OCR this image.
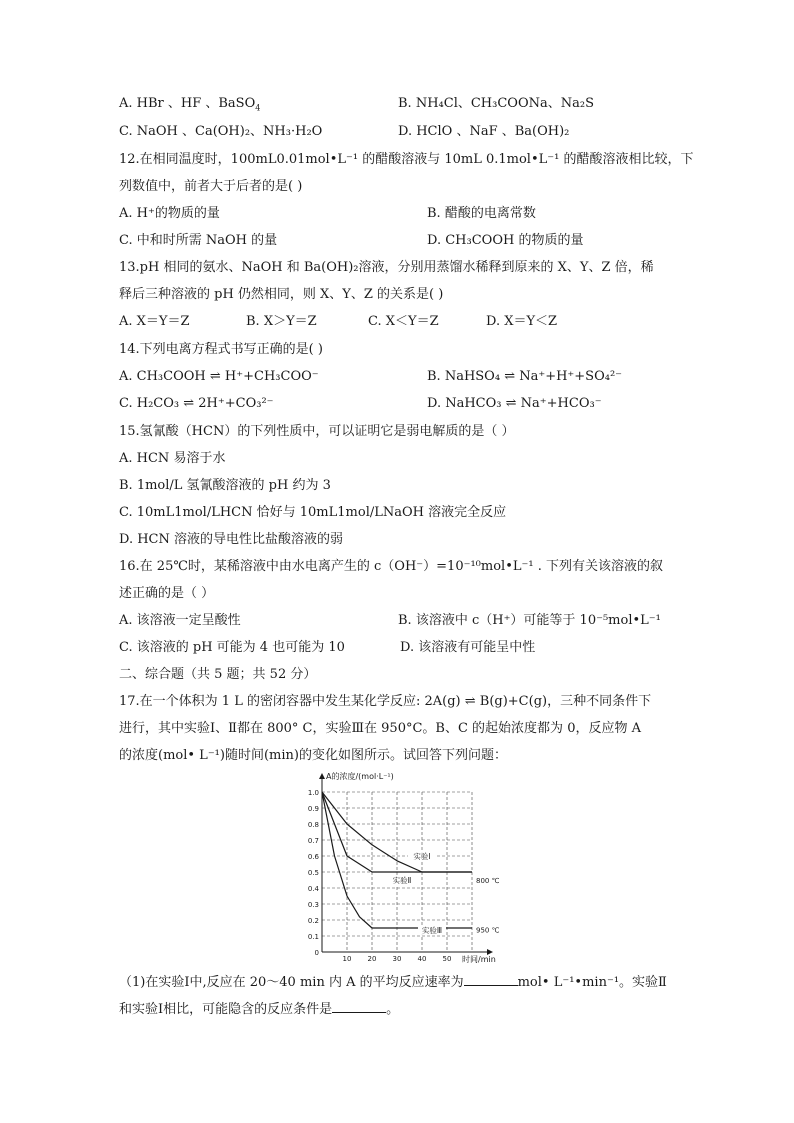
A. HBr 、HF 、BaSO$_4$	B. NH₄Cl、CH₃COONa、Na₂S
C. NaOH 、Ca(OH)₂、NH₃·H₂O	D. HClO 、NaF 、Ba(OH)₂
12.在相同温度时，100mL0.01mol•L⁻¹ 的醋酸溶液与 10mL 0.1mol•L⁻¹ 的醋酸溶液相比较，下
列数值中，前者大于后者的是( )
A. H⁺的物质的量	B. 醋酸的电离常数
C. 中和时所需 NaOH 的量	D. CH₃COOH 的物质的量
13.pH 相同的氨水、NaOH 和 Ba(OH)₂溶液，分别用蒸馏水稀释到原来的 X、Y、Z 倍，稀
释后三种溶液的 pH 仍然相同，则 X、Y、Z 的关系是( )
A. X＝Y＝Z	B. X＞Y＝Z	C. X＜Y＝Z	D. X＝Y＜Z
14.下列电离方程式书写正确的是( )
A. CH₃COOH ⇌ H⁺+CH₃COO⁻	B. NaHSO₄ ⇌ Na⁺+H⁺+SO₄²⁻
C. H₂CO₃ ⇌ 2H⁺+CO₃²⁻	D. NaHCO₃ ⇌ Na⁺+HCO₃⁻
15.氢氰酸（HCN）的下列性质中，可以证明它是弱电解质的是（ ）
A. HCN 易溶于水
B. 1mol/L 氢氰酸溶液的 pH 约为 3
C. 10mL1mol/LHCN 恰好与 10mL1mol/LNaOH 溶液完全反应
D. HCN 溶液的导电性比盐酸溶液的弱
16.在 25℃时，某稀溶液中由水电离产生的 c（OH⁻）=10⁻¹⁰mol•L⁻¹ . 下列有关该溶液的叙
述正确的是（ ）
A. 该溶液一定呈酸性	B. 该溶液中 c（H⁺）可能等于 10⁻⁵mol•L⁻¹
C. 该溶液的 pH 可能为 4 也可能为 10	D. 该溶液有可能呈中性
二、综合题（共 5 题；共 52 分）
17.在一个体积为 1 L 的密闭容器中发生某化学反应: 2A(g) ⇌ B(g)+C(g)，三种不同条件下
进行，其中实验Ⅰ、Ⅱ都在 800° C，实验Ⅲ在 950°C。B、C 的起始浓度都为 0，反应物 A
的浓度(mol• L⁻¹)随时间(min)的变化如图所示。试回答下列问题：
A的浓度/(mol·L⁻¹)
时间/min
0
0.1
0.2
0.3
0.4
0.5
0.6
0.7
0.8
0.9
1.0
10 20 30 40 50
实验Ⅰ
实验Ⅱ
实验Ⅲ
800 ℃
950 ℃
（1)在实验Ⅰ中,反应在 20～40 min 内 A 的平均反应速率为	mol• L⁻¹•min⁻¹。实验Ⅱ
和实验Ⅰ相比，可能隐含的反应条件是	。
